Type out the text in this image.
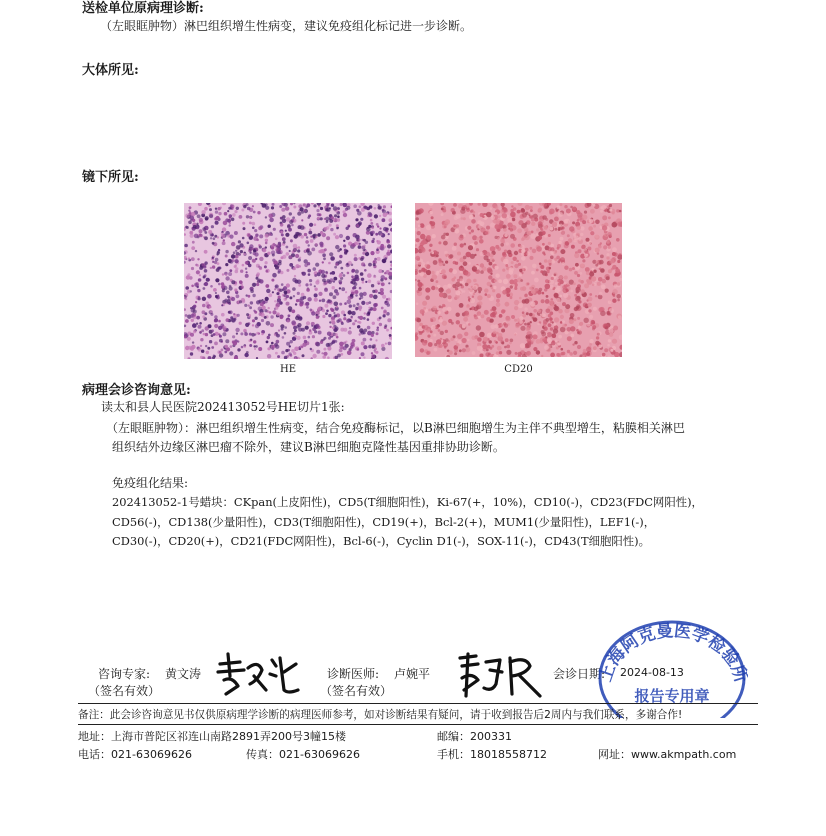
送检单位原病理诊断:
（左眼眶肿物）淋巴组织增生性病变，建议免疫组化标记进一步诊断。
大体所见:
镜下所见:
HE	CD20
病理会诊咨询意见:
读太和县人民医院202413052号HE切片1张:
（左眼眶肿物）：淋巴组织增生性病变，结合免疫酶标记，以B淋巴细胞增生为主伴不典型增生，粘膜相关淋巴
组织结外边缘区淋巴瘤不除外，建议B淋巴细胞克隆性基因重排协助诊断。
免疫组化结果:
202413052-1号蜡块：CKpan(上皮阳性)，CD5(T细胞阳性)，Ki-67(+，10%)，CD10(-)，CD23(FDC网阳性)，
CD56(-)，CD138(少量阳性)，CD3(T细胞阳性)，CD19(+)，Bcl-2(+)，MUM1(少量阳性)，LEF1(-)，
CD30(-)，CD20(+)，CD21(FDC网阳性)，Bcl-6(-)，Cyclin D1(-)，SOX-11(-)，CD43(T细胞阳性)。
咨询专家: 黄文涛
（签名有效）
诊断医师: 卢婉平
（签名有效）
会诊日期: 2024-08-13
上海阿克曼医学检验
报告专用章
备注：此会诊咨询意见书仅供原病理学诊断的病理医师参考，如对诊断结果有疑问，请于收到报告后2周内与我们联系，多谢合作!
地址：上海市普陀区祁连山南路2891弄200号3幢15楼	邮编：200331
电话：021-63069626	传真：021-63069626	手机：18018558712	网址：www.akmpath.com
